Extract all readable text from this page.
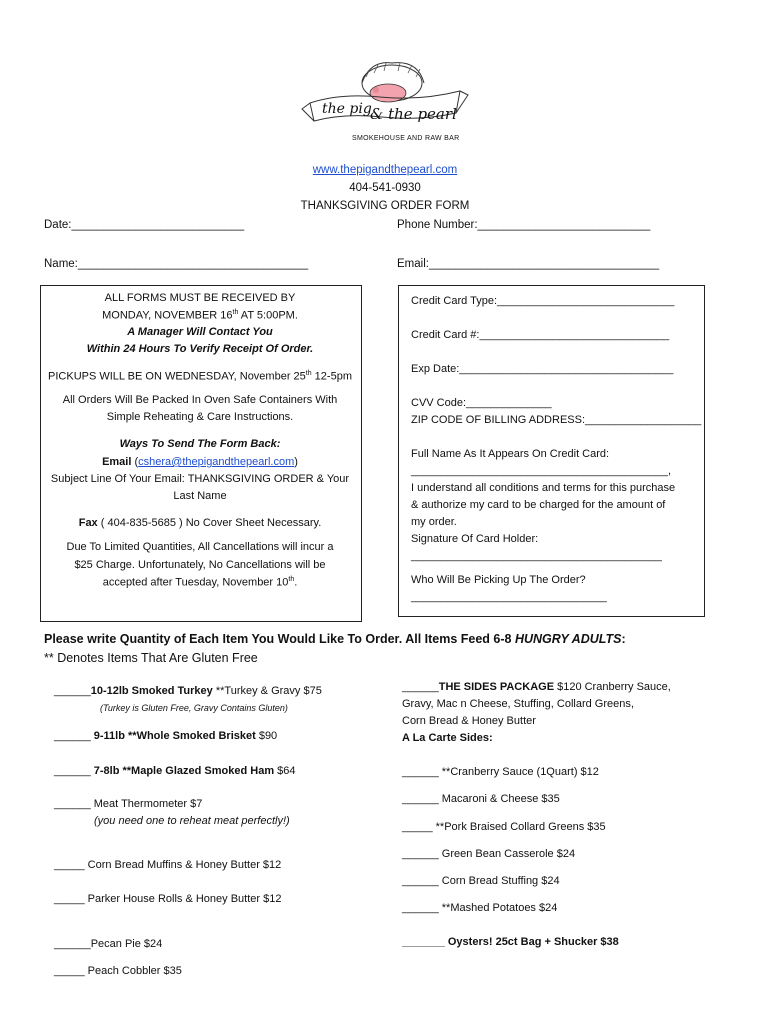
the pig
& the pearl
SMOKEHOUSE AND RAW BAR
www.thepigandthepearl.com
404-541-0930
THANKSGIVING ORDER FORM
Date:___________________________	Phone Number:___________________________
Name:____________________________________	Email:____________________________________
ALL FORMS MUST BE RECEIVED BY
MONDAY, NOVEMBER 16th AT 5:00PM.
A Manager Will Contact You
Within 24 Hours To Verify Receipt Of Order.
PICKUPS WILL BE ON WEDNESDAY, November 25th 12-5pm
All Orders Will Be Packed In Oven Safe Containers With
Simple Reheating & Care Instructions.
Ways To Send The Form Back:
Email (cshera@thepigandthepearl.com)
Subject Line Of Your Email: THANKSGIVING ORDER & Your
Last Name
Fax ( 404-835-5685 ) No Cover Sheet Necessary.
Due To Limited Quantities, All Cancellations will incur a
$25 Charge. Unfortunately, No Cancellations will be
accepted after Tuesday, November 10th.
Credit Card Type:_____________________________
Credit Card #:_______________________________
Exp Date:___________________________________
CVV Code:______________
ZIP CODE OF BILLING ADDRESS:___________________
Full Name As It Appears On Credit Card:
__________________________________________,
I understand all conditions and terms for this purchase
& authorize my card to be charged for the amount of
my order.
Signature Of Card Holder:
_________________________________________
Who Will Be Picking Up The Order?
________________________________
Please write Quantity of Each Item You Would Like To Order. All Items Feed 6-8 HUNGRY ADULTS:
** Denotes Items That Are Gluten Free
______10-12lb Smoked Turkey **Turkey & Gravy $75
(Turkey is Gluten Free, Gravy Contains Gluten)
______ 9-11lb **Whole Smoked Brisket $90
______ 7-8lb **Maple Glazed Smoked Ham $64
______ Meat Thermometer $7
(you need one to reheat meat perfectly!)
_____ Corn Bread Muffins & Honey Butter $12
_____ Parker House Rolls & Honey Butter $12
______Pecan Pie $24
_____ Peach Cobbler $35
______THE SIDES PACKAGE $120 Cranberry Sauce,
Gravy, Mac n Cheese, Stuffing, Collard Greens,
Corn Bread & Honey Butter
A La Carte Sides:
______ **Cranberry Sauce (1Quart) $12
______ Macaroni & Cheese $35
_____ **Pork Braised Collard Greens $35
______ Green Bean Casserole $24
______ Corn Bread Stuffing $24
______ **Mashed Potatoes $24
_______ Oysters! 25ct Bag + Shucker $38
